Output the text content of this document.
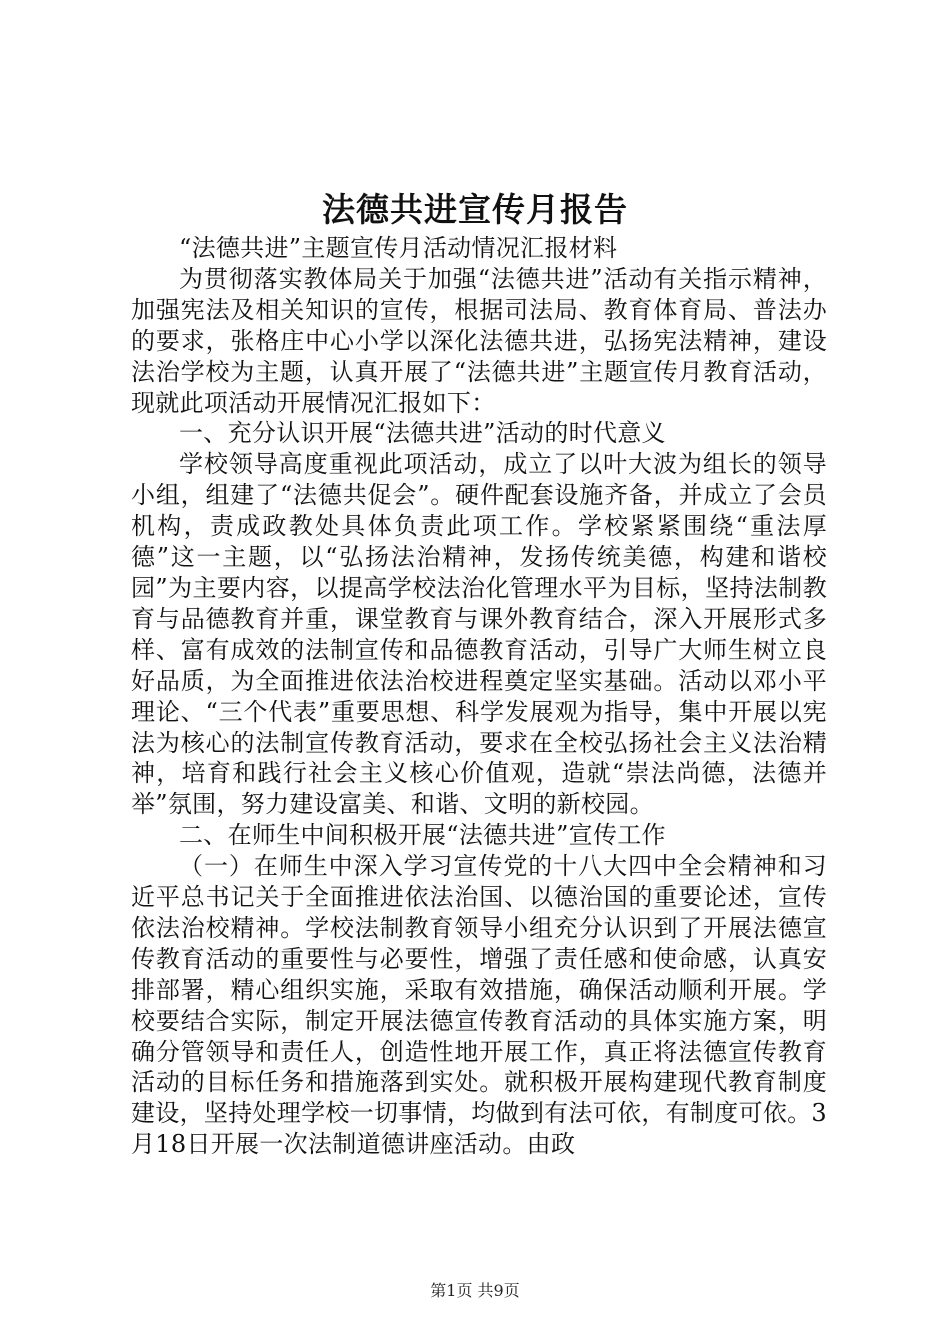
法德共进宣传月报告

“法德共进”主题宣传月活动情况汇报材料

为贯彻落实教体局关于加强“法德共进”活动有关指示精神，加强宪法及相关知识的宣传，根据司法局、教育体育局、普法办的要求，张格庄中心小学以深化法德共进，弘扬宪法精神，建设法治学校为主题，认真开展了“法德共进”主题宣传月教育活动，现就此项活动开展情况汇报如下：

一、充分认识开展“法德共进”活动的时代意义

学校领导高度重视此项活动，成立了以叶大波为组长的领导小组，组建了“法德共促会”。硬件配套设施齐备，并成立了会员机构，责成政教处具体负责此项工作。学校紧紧围绕“重法厚德”这一主题，以“弘扬法治精神，发扬传统美德，构建和谐校园”为主要内容，以提高学校法治化管理水平为目标，坚持法制教育与品德教育并重，课堂教育与课外教育结合，深入开展形式多样、富有成效的法制宣传和品德教育活动，引导广大师生树立良好品质，为全面推进依法治校进程奠定坚实基础。活动以邓小平理论、“三个代表”重要思想、科学发展观为指导，集中开展以宪法为核心的法制宣传教育活动，要求在全校弘扬社会主义法治精神，培育和践行社会主义核心价值观，造就“崇法尚德，法德并举”氛围，努力建设富美、和谐、文明的新校园。

二、在师生中间积极开展“法德共进”宣传工作

（一）在师生中深入学习宣传党的十八大四中全会精神和习近平总书记关于全面推进依法治国、以德治国的重要论述，宣传依法治校精神。学校法制教育领导小组充分认识到了开展法德宣传教育活动的重要性与必要性，增强了责任感和使命感，认真安排部署，精心组织实施，采取有效措施，确保活动顺利开展。学校要结合实际，制定开展法德宣传教育活动的具体实施方案，明确分管领导和责任人，创造性地开展工作，真正将法德宣传教育活动的目标任务和措施落到实处。就积极开展构建现代教育制度建设，坚持处理学校一切事情，均做到有法可依，有制度可依。3月18日开展一次法制道德讲座活动。由政

第1页 共9页
